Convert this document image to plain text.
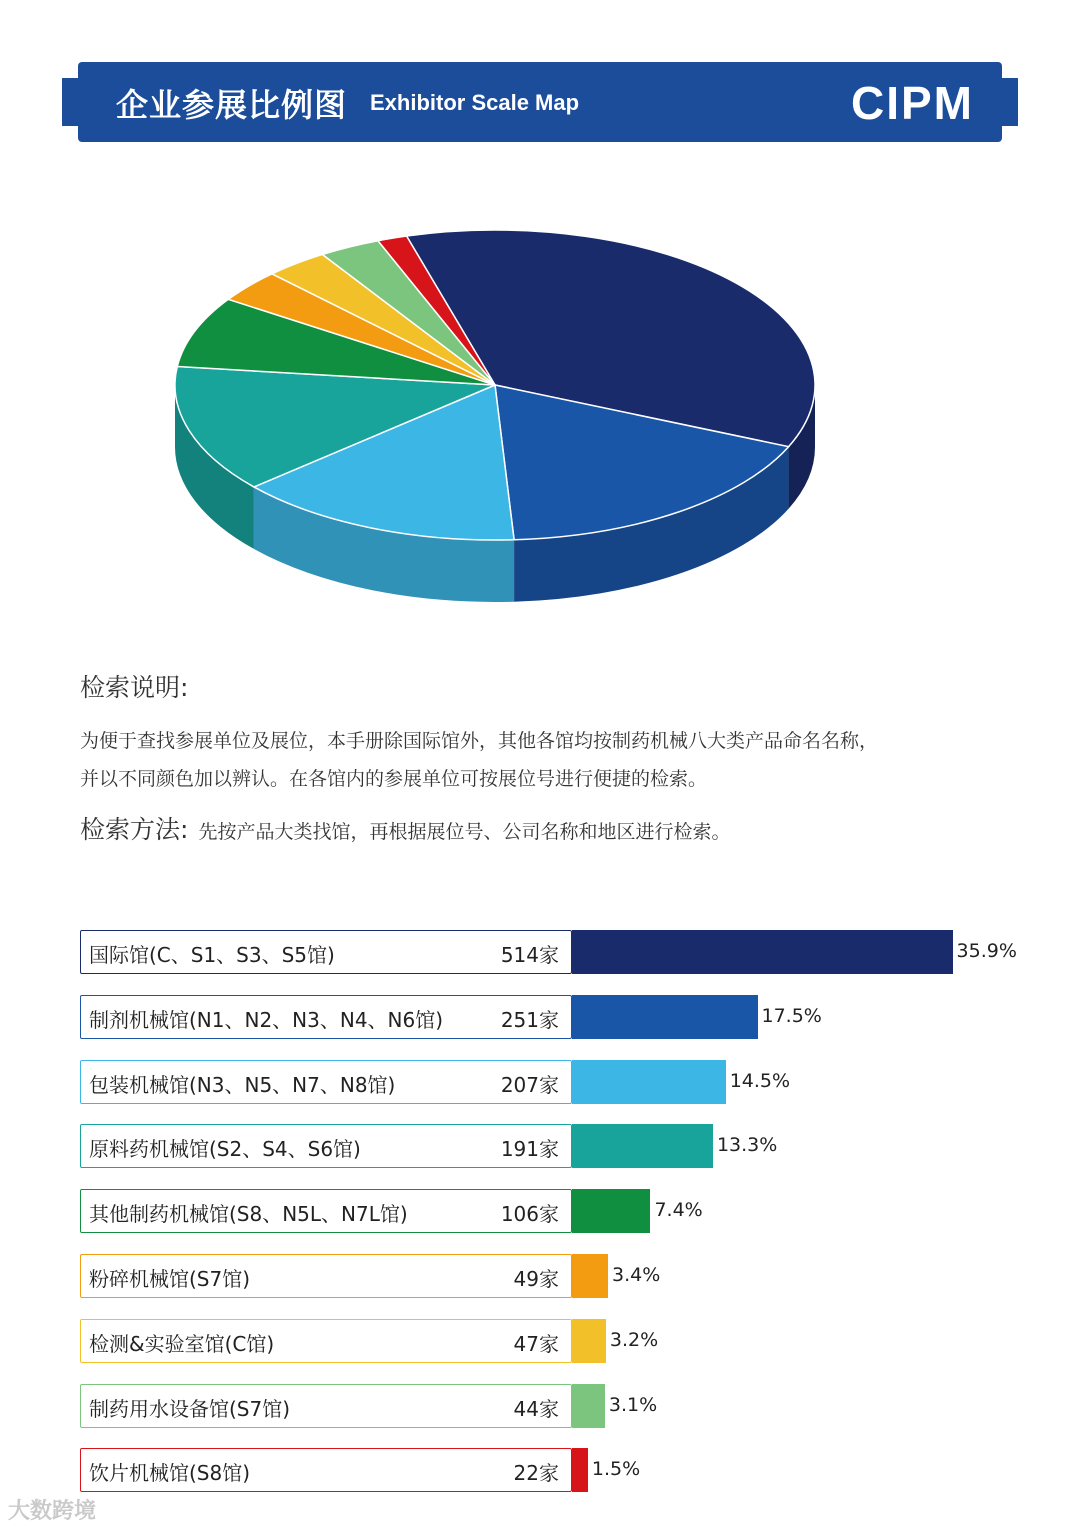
企业参展比例图 Exhibitor Scale Map	CIPM
检索说明:
为便于查找参展单位及展位，本手册除国际馆外，其他各馆均按制药机械八大类产品命名名称，
并以不同颜色加以辨认。在各馆内的参展单位可按展位号进行便捷的检索。
检索方法: 先按产品大类找馆，再根据展位号、公司名称和地区进行检索。
国际馆(C、S1、S3、S5馆)	514家	35.9%
制剂机械馆(N1、N2、N3、N4、N6馆)	251家	17.5%
包装机械馆(N3、N5、N7、N8馆)	207家	14.5%
原料药机械馆(S2、S4、S6馆)	191家	13.3%
其他制药机械馆(S8、N5L、N7L馆)	106家	7.4%
粉碎机械馆(S7馆)	49家	3.4%
检测&实验室馆(C馆)	47家	3.2%
制药用水设备馆(S7馆)	44家	3.1%
饮片机械馆(S8馆)	22家 1.5%
大数跨境
